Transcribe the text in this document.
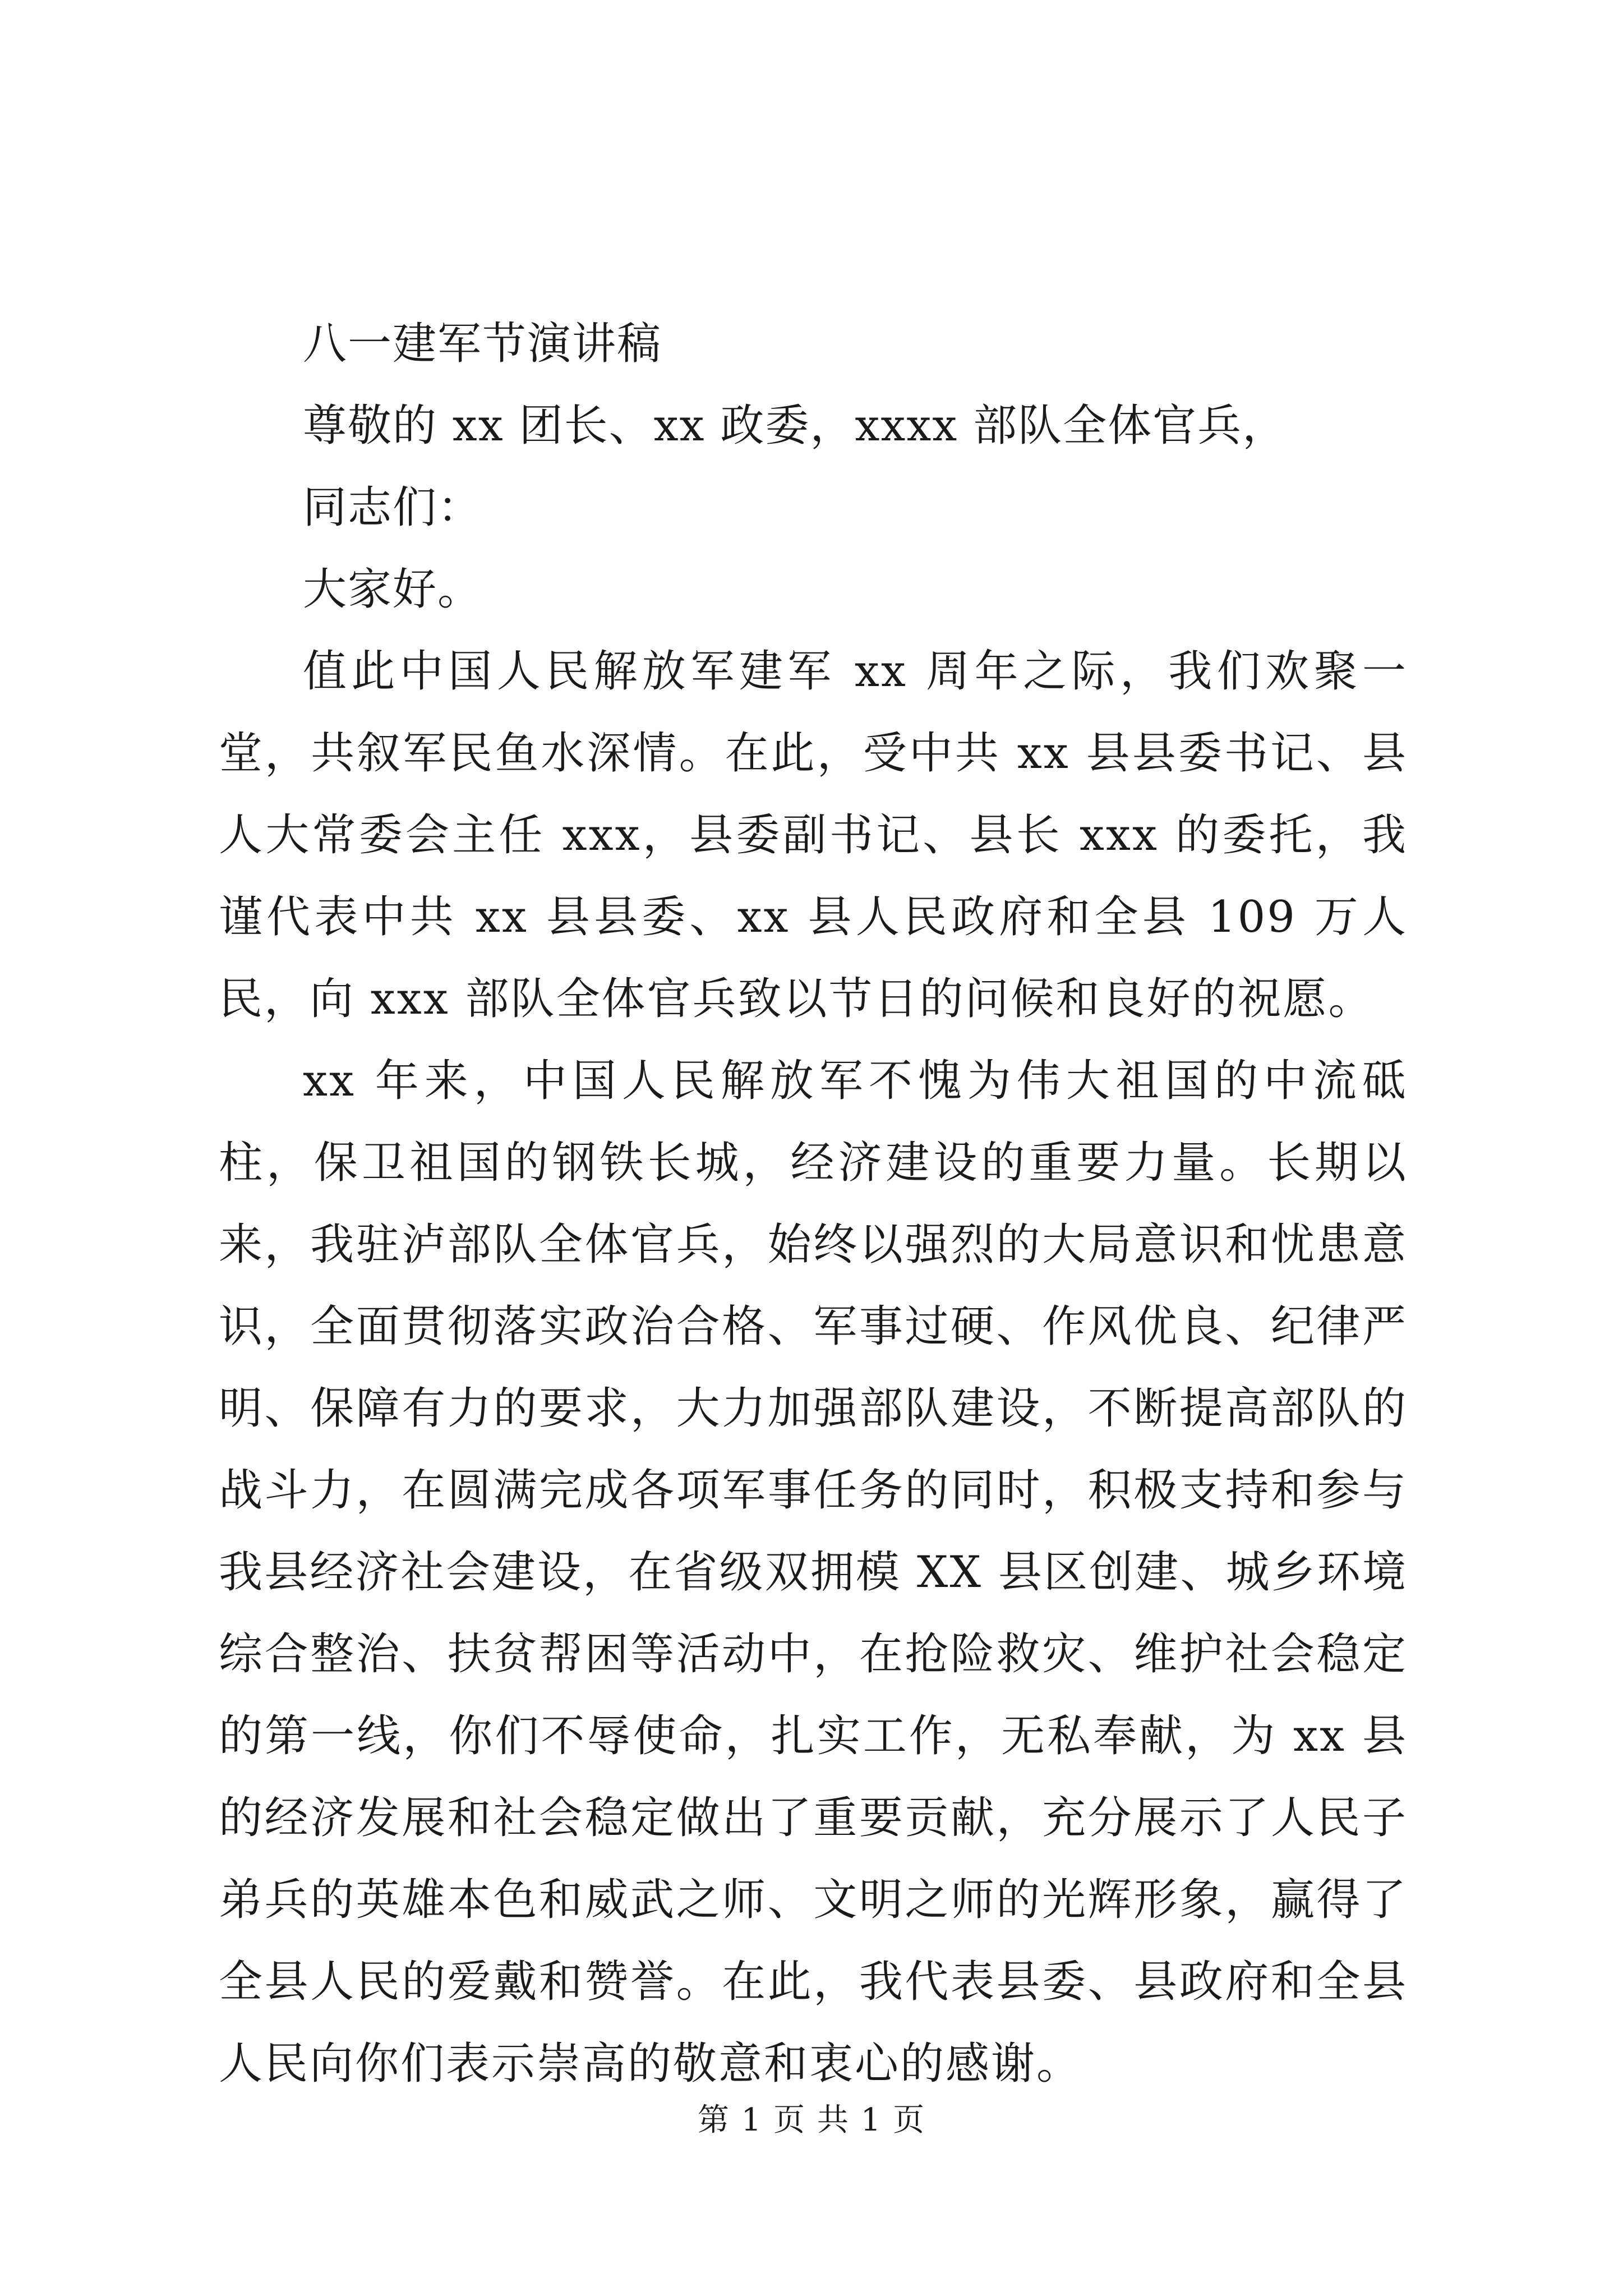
八一建军节演讲稿
尊敬的 xx 团长、xx 政委，xxxx 部队全体官兵，
同志们：
大家好。

值此中国人民解放军建军 xx 周年之际，我们欢聚一堂，共叙军民鱼水深情。在此，受中共 xx 县县委书记、县人大常委会主任 xxx，县委副书记、县长 xxx 的委托，我谨代表中共 xx 县县委、xx 县人民政府和全县 109 万人民，向 xxx 部队全体官兵致以节日的问候和良好的祝愿。

xx 年来，中国人民解放军不愧为伟大祖国的中流砥柱，保卫祖国的钢铁长城，经济建设的重要力量。长期以来，我驻泸部队全体官兵，始终以强烈的大局意识和忧患意识，全面贯彻落实政治合格、军事过硬、作风优良、纪律严明、保障有力的要求，大力加强部队建设，不断提高部队的战斗力，在圆满完成各项军事任务的同时，积极支持和参与我县经济社会建设，在省级双拥模 XX 县区创建、城乡环境综合整治、扶贫帮困等活动中，在抢险救灾、维护社会稳定的第一线，你们不辱使命，扎实工作，无私奉献，为 xx 县的经济发展和社会稳定做出了重要贡献，充分展示了人民子弟兵的英雄本色和威武之师、文明之师的光辉形象，赢得了全县人民的爱戴和赞誉。在此，我代表县委、县政府和全县人民向你们表示崇高的敬意和衷心的感谢。

第 1 页 共 1 页
